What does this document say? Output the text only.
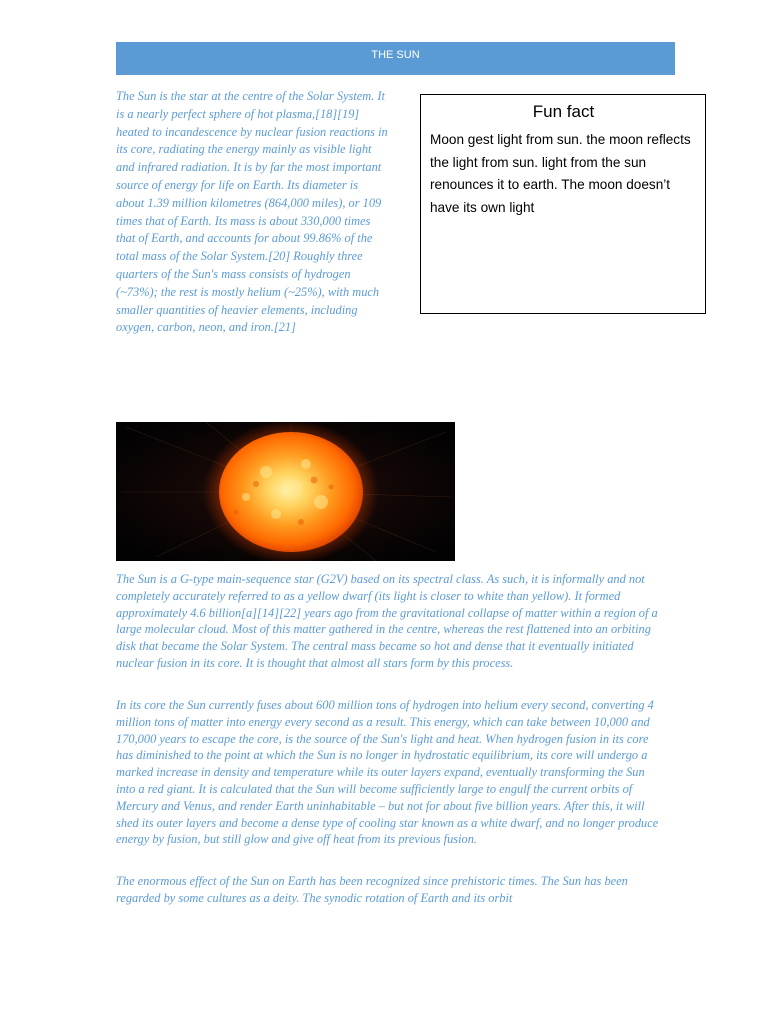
THE SUN

The Sun is the star at the centre of the Solar System. It is a nearly perfect sphere of hot plasma,[18][19] heated to incandescence by nuclear fusion reactions in its core, radiating the energy mainly as visible light and infrared radiation. It is by far the most important source of energy for life on Earth. Its diameter is about 1.39 million kilometres (864,000 miles), or 109 times that of Earth. Its mass is about 330,000 times that of Earth, and accounts for about 99.86% of the total mass of the Solar System.[20] Roughly three quarters of the Sun's mass consists of hydrogen (~73%); the rest is mostly helium (~25%), with much smaller quantities of heavier elements, including oxygen, carbon, neon, and iron.[21]

Fun fact

Moon gest light from sun. the moon reflects the light from sun. light from the sun renounces it to earth. The moon doesn’t have its own light

The Sun is a G-type main-sequence star (G2V) based on its spectral class. As such, it is informally and not completely accurately referred to as a yellow dwarf (its light is closer to white than yellow). It formed approximately 4.6 billion[a][14][22] years ago from the gravitational collapse of matter within a region of a large molecular cloud. Most of this matter gathered in the centre, whereas the rest flattened into an orbiting disk that became the Solar System. The central mass became so hot and dense that it eventually initiated nuclear fusion in its core. It is thought that almost all stars form by this process.

In its core the Sun currently fuses about 600 million tons of hydrogen into helium every second, converting 4 million tons of matter into energy every second as a result. This energy, which can take between 10,000 and 170,000 years to escape the core, is the source of the Sun's light and heat. When hydrogen fusion in its core has diminished to the point at which the Sun is no longer in hydrostatic equilibrium, its core will undergo a marked increase in density and temperature while its outer layers expand, eventually transforming the Sun into a red giant. It is calculated that the Sun will become sufficiently large to engulf the current orbits of Mercury and Venus, and render Earth uninhabitable – but not for about five billion years. After this, it will shed its outer layers and become a dense type of cooling star known as a white dwarf, and no longer produce energy by fusion, but still glow and give off heat from its previous fusion.

The enormous effect of the Sun on Earth has been recognized since prehistoric times. The Sun has been regarded by some cultures as a deity. The synodic rotation of Earth and its orbit
